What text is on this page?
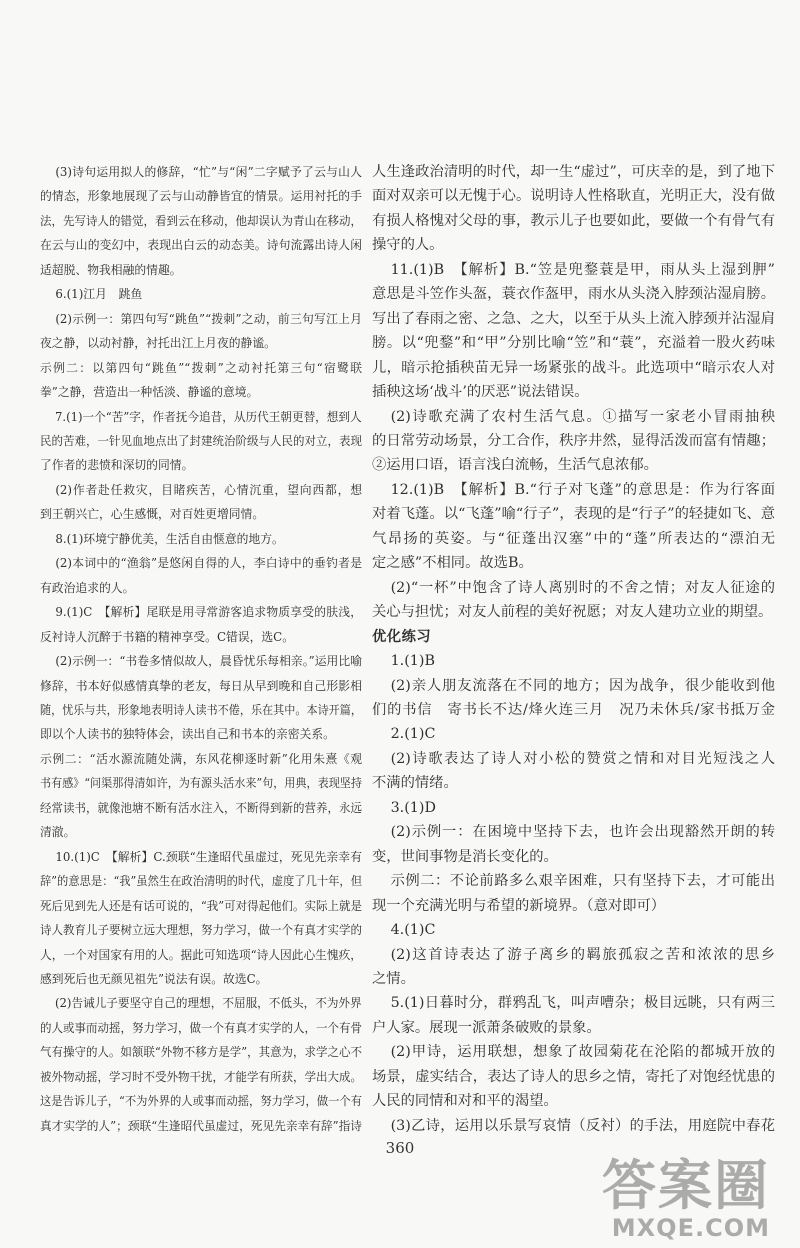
(3)诗句运用拟人的修辞，“忙”与“闲”二字赋予了云与山人
的情态，形象地展现了云与山动静皆宜的情景。运用衬托的手
法，先写诗人的错觉，看到云在移动，他却误认为青山在移动，
在云与山的变幻中，表现出白云的动态美。诗句流露出诗人闲
适超脱、物我相融的情趣。
6.(1)江月　跳鱼
(2)示例一：第四句写“跳鱼”“拨刺”之动，前三句写江上月
夜之静，以动衬静，衬托出江上月夜的静谧。
示例二：以第四句“跳鱼”“拨刺”之动衬托第三句“宿鹭联
拳”之静，营造出一种恬淡、静谧的意境。
7.(1)一个“苦”字，作者抚今追昔，从历代王朝更替，想到人
民的苦难，一针见血地点出了封建统治阶级与人民的对立，表现
了作者的悲愤和深切的同情。
(2)作者赴任救灾，目睹疾苦，心情沉重，望向西都，想
到王朝兴亡，心生感慨，对百姓更增同情。
8.(1)环境宁静优美，生活自由惬意的地方。
(2)本词中的“渔翁”是悠闲自得的人，李白诗中的垂钓者是
有政治追求的人。
9.(1)C　【解析】尾联是用寻常游客追求物质享受的肤浅，
反衬诗人沉醉于书籍的精神享受。C错误，选C。
(2)示例一：“书卷多情似故人，晨昏忧乐每相亲。”运用比喻
修辞，书本好似感情真挚的老友，每日从早到晚和自己形影相
随，忧乐与共，形象地表明诗人读书不倦，乐在其中。本诗开篇，
即以个人读书的独特体会，读出自己和书本的亲密关系。
示例二：“活水源流随处满，东风花柳逐时新”化用朱熹《观
书有感》“问渠那得清如许，为有源头活水来”句，用典，表现坚持
经常读书，就像池塘不断有活水注入，不断得到新的营养，永远
清澈。
10.(1)C　【解析】C.颈联“生逢昭代虽虚过，死见先亲幸有
辞”的意思是：“我”虽然生在政治清明的时代，虚度了几十年，但
死后见到先人还是有话可说的，“我”可对得起他们。实际上就是
诗人教育儿子要树立远大理想，努力学习，做一个有真才实学的
人，一个对国家有用的人。据此可知选项“诗人因此心生愧疚，
感到死后也无颜见祖先”说法有误。故选C。
(2)告诫儿子要坚守自己的理想，不屈服，不低头，不为外界
的人或事而动摇，努力学习，做一个有真才实学的人，一个有骨
气有操守的人。如颔联“外物不移方是学”，其意为，求学之心不
被外物动摇，学习时不受外物干扰，才能学有所获，学出大成。
这是告诉儿子，“不为外界的人或事而动摇，努力学习，做一个有
真才实学的人”；颈联“生逢昭代虽虚过，死见先亲幸有辞”指诗
人生逢政治清明的时代，却一生“虚过”，可庆幸的是，到了地下
面对双亲可以无愧于心。说明诗人性格耿直，光明正大，没有做
有损人格愧对父母的事，教示儿子也要如此，要做一个有骨气有
操守的人。
11.(1)B　【解析】B.“笠是兜鍪蓑是甲，雨从头上湿到胛”
意思是斗笠作头盔，蓑衣作盔甲，雨水从头浇入脖颈沾湿肩膀。
写出了春雨之密、之急、之大，以至于从头上流入脖颈并沾湿肩
膀。以“兜鍪”和“甲”分别比喻“笠”和“蓑”，充溢着一股火药味
儿，暗示抢插秧苗无异一场紧张的战斗。此选项中“暗示农人对
插秧这场‘战斗’的厌恶”说法错误。
(2)诗歌充满了农村生活气息。①描写一家老小冒雨抽秧
的日常劳动场景，分工合作，秩序井然，显得活泼而富有情趣；
②运用口语，语言浅白流畅，生活气息浓郁。
12.(1)B　【解析】B.“行子对飞蓬”的意思是：作为行客面
对着飞蓬。以“飞蓬”喻“行子”，表现的是“行子”的轻捷如飞、意
气昂扬的英姿。与“征蓬出汉塞”中的“蓬”所表达的“漂泊无
定之感”不相同。故选B。
(2)“一杯”中饱含了诗人离别时的不舍之情；对友人征途的
关心与担忧；对友人前程的美好祝愿；对友人建功立业的期望。
优化练习
1.(1)B
(2)亲人朋友流落在不同的地方；因为战争，很少能收到他
们的书信　寄书长不达/烽火连三月　况乃未休兵/家书抵万金
2.(1)C
(2)诗歌表达了诗人对小松的赞赏之情和对目光短浅之人
不满的情绪。
3.(1)D
(2)示例一：在困境中坚持下去，也许会出现豁然开朗的转
变，世间事物是消长变化的。
示例二：不论前路多么艰辛困难，只有坚持下去，才可能出
现一个充满光明与希望的新境界。（意对即可）
4.(1)C
(2)这首诗表达了游子离乡的羁旅孤寂之苦和浓浓的思乡
之情。
5.(1)日暮时分，群鸦乱飞，叫声嘈杂；极目远眺，只有两三
户人家。展现一派萧条破败的景象。
(2)甲诗，运用联想，想象了故园菊花在沦陷的都城开放的
场景，虚实结合，表达了诗人的思乡之情，寄托了对饱经忧患的
人民的同情和对和平的渴望。
(3)乙诗，运用以乐景写哀情（反衬）的手法，用庭院中春花
360
答案圈
MXQE.COM
